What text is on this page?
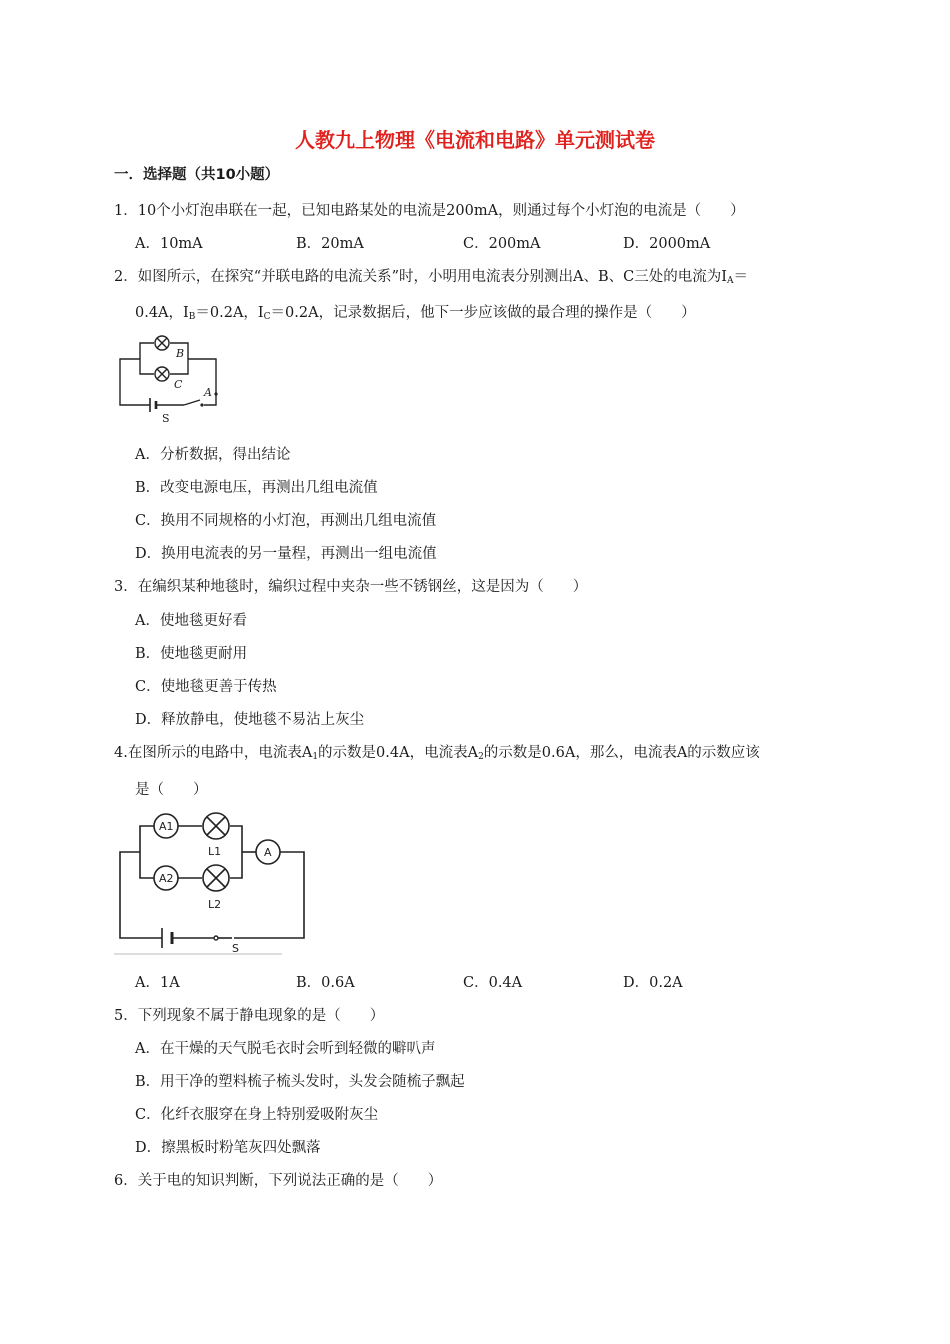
人教九上物理《电流和电路》单元测试卷
一．选择题（共10小题）
1．10个小灯泡串联在一起，已知电路某处的电流是200mA，则通过每个小灯泡的电流是（　　）
A．10mA	B．20mA	C．200mA	D．2000mA
2．如图所示，在探究“并联电路的电流关系”时，小明用电流表分别测出A、B、C三处的电流为$I_A=$
0.4A，$I_B=0.2A$，$I_C=0.2A$，记录数据后，他下一步应该做的最合理的操作是（　　）
B
C
A
S
A．分析数据，得出结论
B．改变电源电压，再测出几组电流值
C．换用不同规格的小灯泡，再测出几组电流值
D．换用电流表的另一量程，再测出一组电流值
3．在编织某种地毯时，编织过程中夹杂一些不锈钢丝，这是因为（　　）
A．使地毯更好看
B．使地毯更耐用
C．使地毯更善于传热
D．释放静电，使地毯不易沾上灰尘
4.在图所示的电路中，电流表$A_1$的示数是0.4A，电流表$A_2$的示数是0.6A，那么，电流表A的示数应该
是（　　）
A1
A2
L1
L2
A
S
A．1A	B．0.6A	C．0.4A	D．0.2A
5．下列现象不属于静电现象的是（　　）
A．在干燥的天气脱毛衣时会听到轻微的噼叭声
B．用干净的塑料梳子梳头发时，头发会随梳子飘起
C．化纤衣服穿在身上特别爱吸附灰尘
D．擦黑板时粉笔灰四处飘落
6．关于电的知识判断，下列说法正确的是（　　）
